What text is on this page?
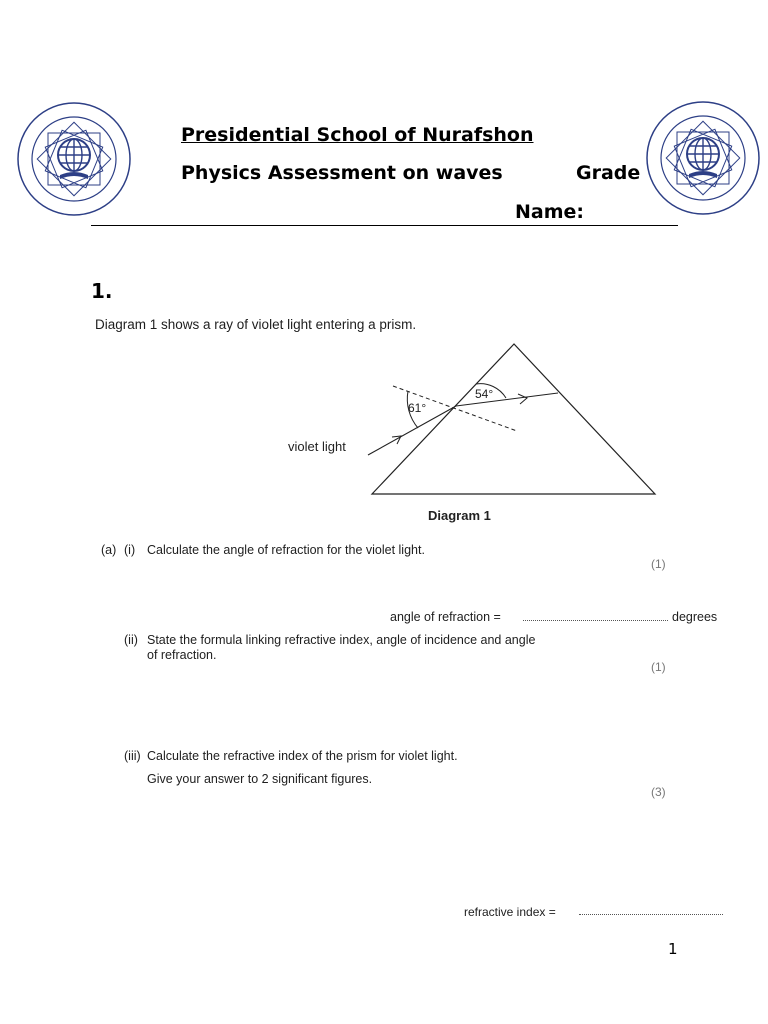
Presidential School of Nurafshon
Physics Assessment on waves	Grade
Name:
1.
Diagram 1 shows a ray of violet light entering a prism.
61°
54°
violet light
Diagram 1
(a) (i) Calculate the angle of refraction for the violet light.
(1)
angle of refraction =	degrees
(ii) State the formula linking refractive index, angle of incidence and angle
of refraction.
(1)
(iii) Calculate the refractive index of the prism for violet light.
Give your answer to 2 significant figures.
(3)
refractive index =
1
